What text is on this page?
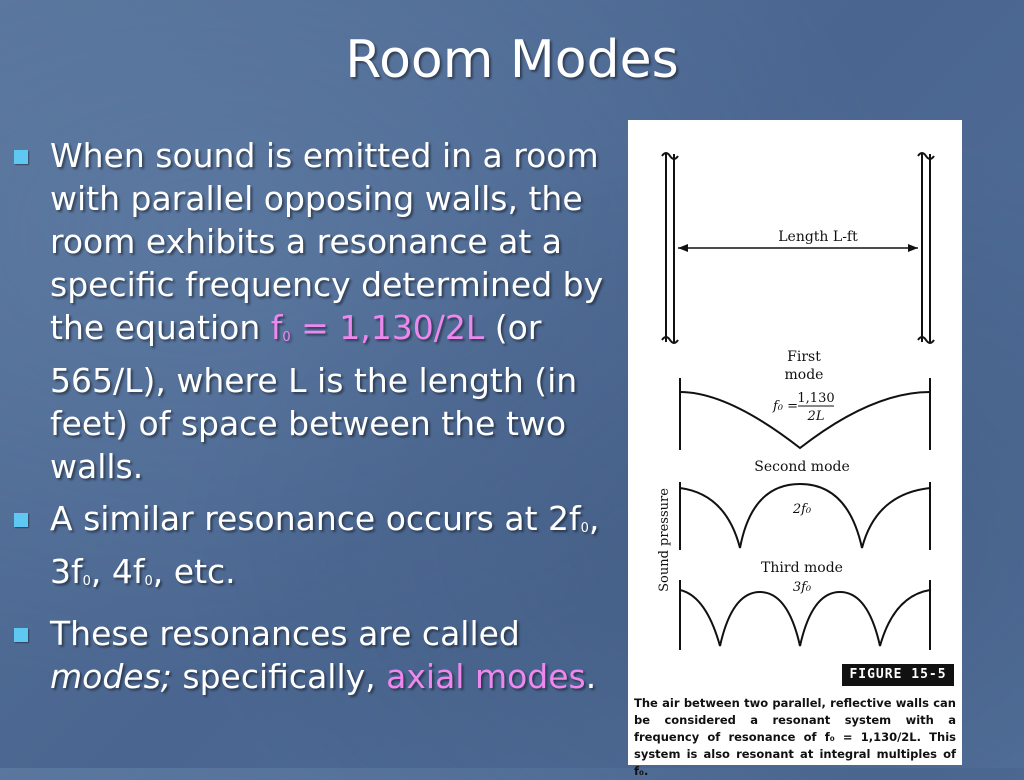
Room Modes
When sound is emitted in a room with parallel opposing walls, the room exhibits a resonance at a specific frequency determined by the equation f0 = 1,130/2L (or 565/L), where L is the length (in feet) of space between the two walls.
A similar resonance occurs at 2f0, 3f0, 4f0, etc.
These resonances are called modes; specifically, axial modes.
Length L-ft
First
mode
f₀ =
1,130
2L
Second mode
2f₀
Third mode
3f₀
Sound pressure
FIGURE 15-5
The air between two parallel, reflective walls can be considered a resonant system with a frequency of resonance of f₀ = 1,130/2L. This system is also resonant at integral multiples of f₀.
